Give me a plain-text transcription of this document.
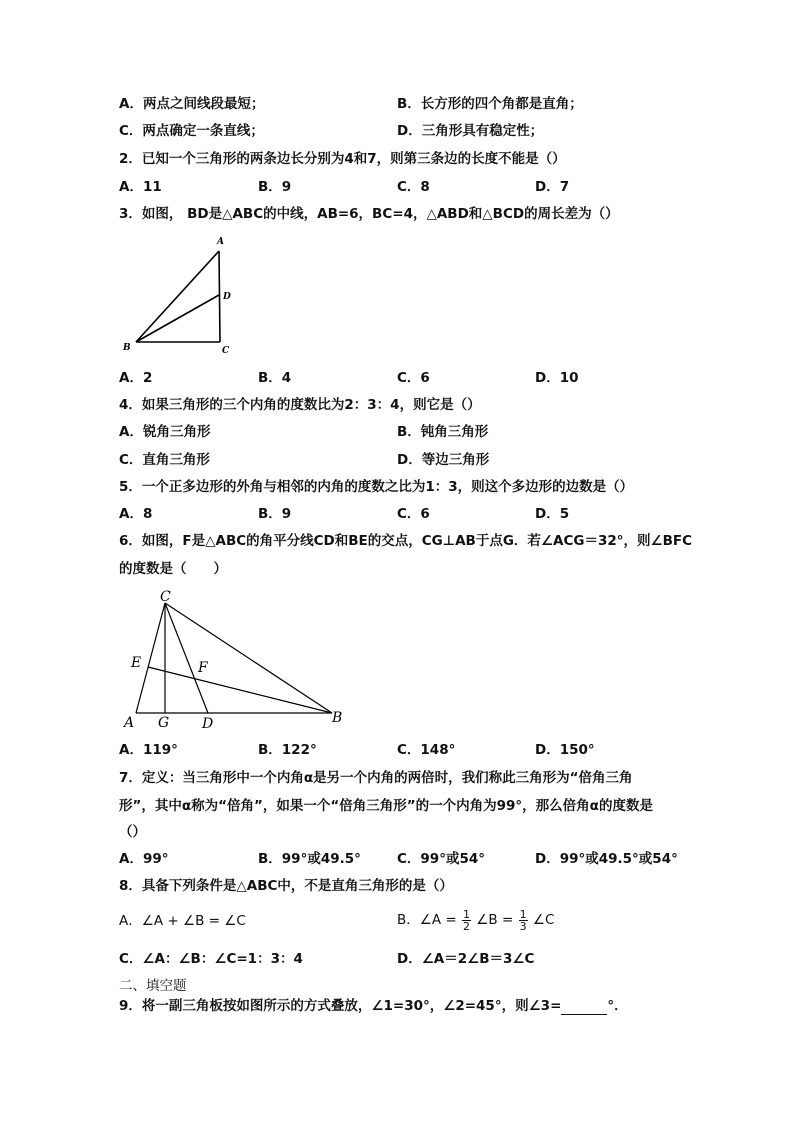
A．两点之间线段最短；	B．长方形的四个角都是直角；
C．两点确定一条直线；	D．三角形具有稳定性；
2．已知一个三角形的两条边长分别为4和7，则第三条边的长度不能是（）
A．11	B．9	C．8	D．7
3．如图， BD是△ABC的中线，AB=6，BC=4，△ABD和△BCD的周长差为（）
A
D
B	C
A．2	B．4	C．6	D．10
4．如果三角形的三个内角的度数比为2：3：4，则它是（）
A．锐角三角形	B．钝角三角形
C．直角三角形	D．等边三角形
5．一个正多边形的外角与相邻的内角的度数之比为1：3，则这个多边形的边数是（）
A．8	B．9	C．6	D．5
6．如图，F是△ABC的角平分线CD和BE的交点，CG⊥AB于点G．若∠ACG＝32°，则∠BFC
的度数是（　　）
C
E	F
A G D	B
A．119°	B．122°	C．148°	D．150°
7．定义：当三角形中一个内角α是另一个内角的两倍时，我们称此三角形为“倍角三角
形”，其中α称为“倍角”，如果一个“倍角三角形”的一个内角为99°，那么倍角α的度数是
（）
A．99°	B．99°或49.5°	C．99°或54°	D．99°或49.5°或54°
8．具备下列条件是△ABC中，不是直角三角形的是（）
A．∠A + ∠B = ∠C	B．∠A = $\frac{1}{2}$ ∠B = $\frac{1}{3}$ ∠C
C．∠A：∠B：∠C=1：3：4	D．∠A＝2∠B＝3∠C
二、填空题
9．将一副三角板按如图所示的方式叠放，∠1=30°，∠2=45°，则∠3=	°．
